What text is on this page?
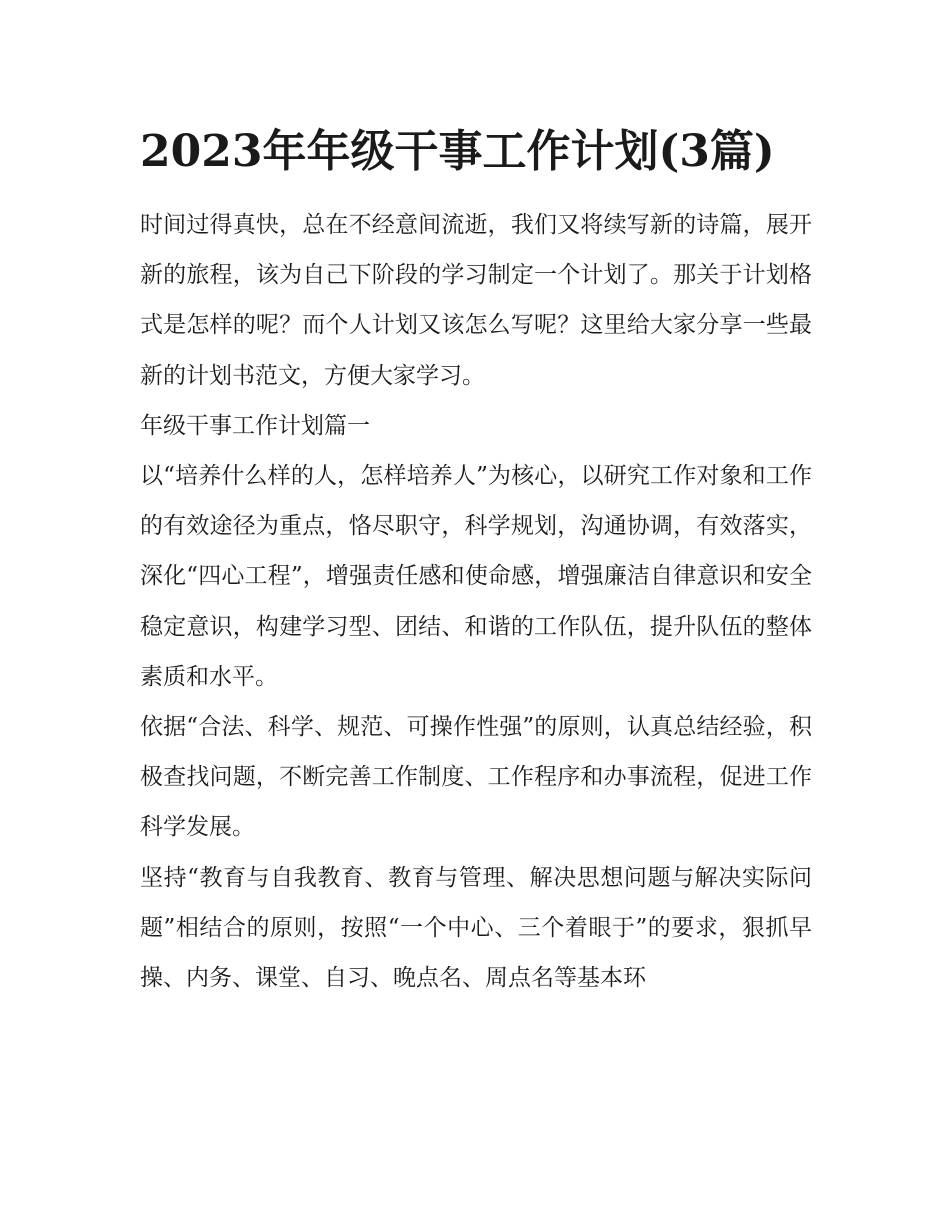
2023年年级干事工作计划(3篇)

时间过得真快，总在不经意间流逝，我们又将续写新的诗篇，展开新的旅程，该为自己下阶段的学习制定一个计划了。那关于计划格式是怎样的呢？而个人计划又该怎么写呢？这里给大家分享一些最新的计划书范文，方便大家学习。

年级干事工作计划篇一

以“培养什么样的人，怎样培养人”为核心，以研究工作对象和工作的有效途径为重点，恪尽职守，科学规划，沟通协调，有效落实，深化“四心工程”，增强责任感和使命感，增强廉洁自律意识和安全稳定意识，构建学习型、团结、和谐的工作队伍，提升队伍的整体素质和水平。

依据“合法、科学、规范、可操作性强”的原则，认真总结经验，积极查找问题，不断完善工作制度、工作程序和办事流程，促进工作科学发展。

坚持“教育与自我教育、教育与管理、解决思想问题与解决实际问题”相结合的原则，按照“一个中心、三个着眼于”的要求，狠抓早操、内务、课堂、自习、晚点名、周点名等基本环
